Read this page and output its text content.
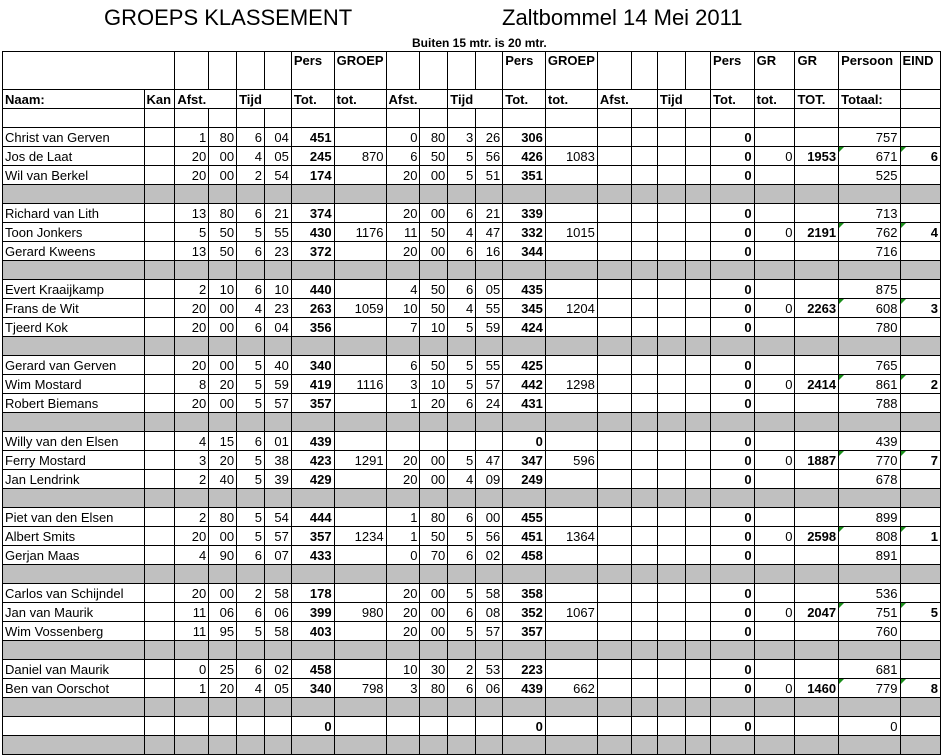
GROEPS KLASSEMENT	Zaltbommel 14 Mei 2011
Buiten 15 mtr. is 20 mtr.
						Pers	GROEP					Pers	GROEP					Pers	GR	GR	Persoon	EIND
Naam:	Kan	Afst.		Tijd		Tot.	tot.	Afst.		Tijd		Tot.	tot.	Afst.		Tijd		Tot.	tot.	TOT.	Totaal:	

Christ van Gerven		1	80	6	04	451		0	80	3	26	306						0			757	
Jos de Laat		20	00	4	05	245	870	6	50	5	56	426	1083					0	0	1953	671	6
Wil van Berkel		20	00	2	54	174		20	00	5	51	351						0			525	

Richard van Lith		13	80	6	21	374		20	00	6	21	339						0			713	
Toon Jonkers		5	50	5	55	430	1176	11	50	4	47	332	1015					0	0	2191	762	4
Gerard Kweens		13	50	6	23	372		20	00	6	16	344						0			716	

Evert Kraaijkamp		2	10	6	10	440		4	50	6	05	435						0			875	
Frans de Wit		20	00	4	23	263	1059	10	50	4	55	345	1204					0	0	2263	608	3
Tjeerd Kok		20	00	6	04	356		7	10	5	59	424						0			780	

Gerard van Gerven		20	00	5	40	340		6	50	5	55	425						0			765	
Wim Mostard		8	20	5	59	419	1116	3	10	5	57	442	1298					0	0	2414	861	2
Robert Biemans		20	00	5	57	357		1	20	6	24	431						0			788	

Willy van den Elsen		4	15	6	01	439						0						0			439	
Ferry Mostard		3	20	5	38	423	1291	20	00	5	47	347	596					0	0	1887	770	7
Jan Lendrink		2	40	5	39	429		20	00	4	09	249						0			678	

Piet van den Elsen		2	80	5	54	444		1	80	6	00	455						0			899	
Albert Smits		20	00	5	57	357	1234	1	50	5	56	451	1364					0	0	2598	808	1
Gerjan Maas		4	90	6	07	433		0	70	6	02	458						0			891	

Carlos van Schijndel		20	00	2	58	178		20	00	5	58	358						0			536	
Jan van Maurik		11	06	6	06	399	980	20	00	6	08	352	1067					0	0	2047	751	5
Wim Vossenberg		11	95	5	58	403		20	00	5	57	357						0			760	

Daniel van Maurik		0	25	6	02	458		10	30	2	53	223						0			681	
Ben van Oorschot		1	20	4	05	340	798	3	80	6	06	439	662					0	0	1460	779	8

						0						0						0			0	
